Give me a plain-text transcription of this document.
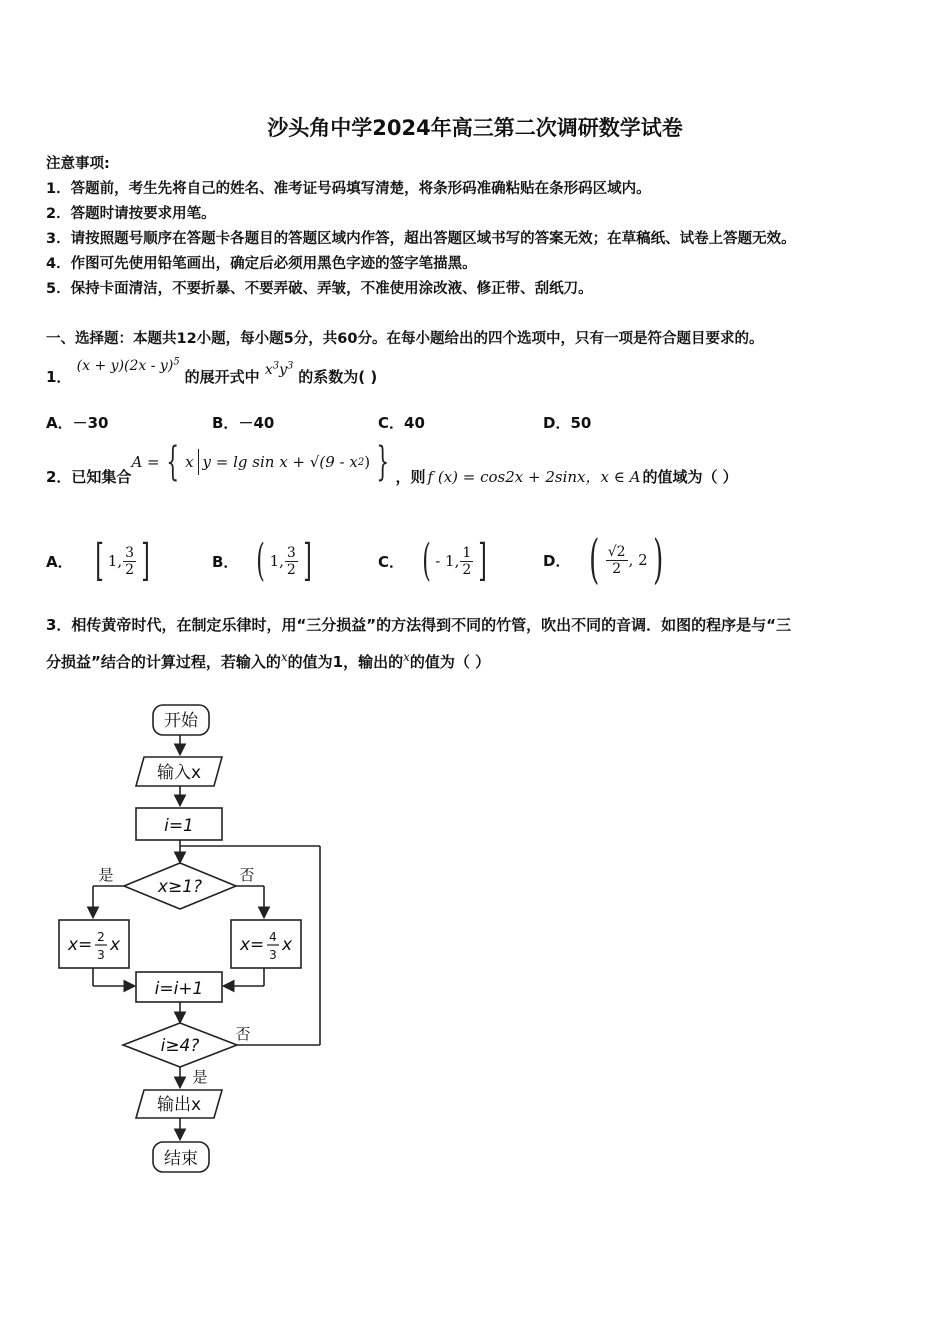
沙头角中学2024年高三第二次调研数学试卷
注意事项:
1．答题前，考生先将自己的姓名、准考证号码填写清楚，将条形码准确粘贴在条形码区域内。
2．答题时请按要求用笔。
3．请按照题号顺序在答题卡各题目的答题区域内作答，超出答题区域书写的答案无效；在草稿纸、试卷上答题无效。
4．作图可先使用铅笔画出，确定后必须用黑色字迹的签字笔描黑。
5．保持卡面清洁，不要折暴、不要弄破、弄皱，不准使用涂改液、修正带、刮纸刀。
一、选择题：本题共12小题，每小题5分，共60分。在每小题给出的四个选项中，只有一项是符合题目要求的。
1． (x + y)(2x - y)$^5$ 的展开式中 $x^3y^3$ 的系数为( )
A．－30	B．－40	C．40	D．50
2．已知集合
A = { x y = lg sin x + √(9 - x 2 ) } ，则 f (x) = cos2x + 2sinx，x ∈ A 的值域为（ ）
A． [ 1, $\frac{3}{2}$ ]	B． ( 1, $\frac{3}{2}$ ]	C． ( - 1, $\frac{1}{2}$ ]	D． ( $\frac{√2}{2}$ , 2 )
3．相传黄帝时代，在制定乐律时，用“三分损益”的方法得到不同的竹管，吹出不同的音调．如图的程序是与“三
分损益”结合的计算过程，若输入的$^x$的值为1，输出的$^x$的值为（ ）
开始
输入x
i=1
x≥1?
是	否
x= 2
3 x	x= 4
3 x
i=i+1
i≥4?
否
是
输出x
结束
